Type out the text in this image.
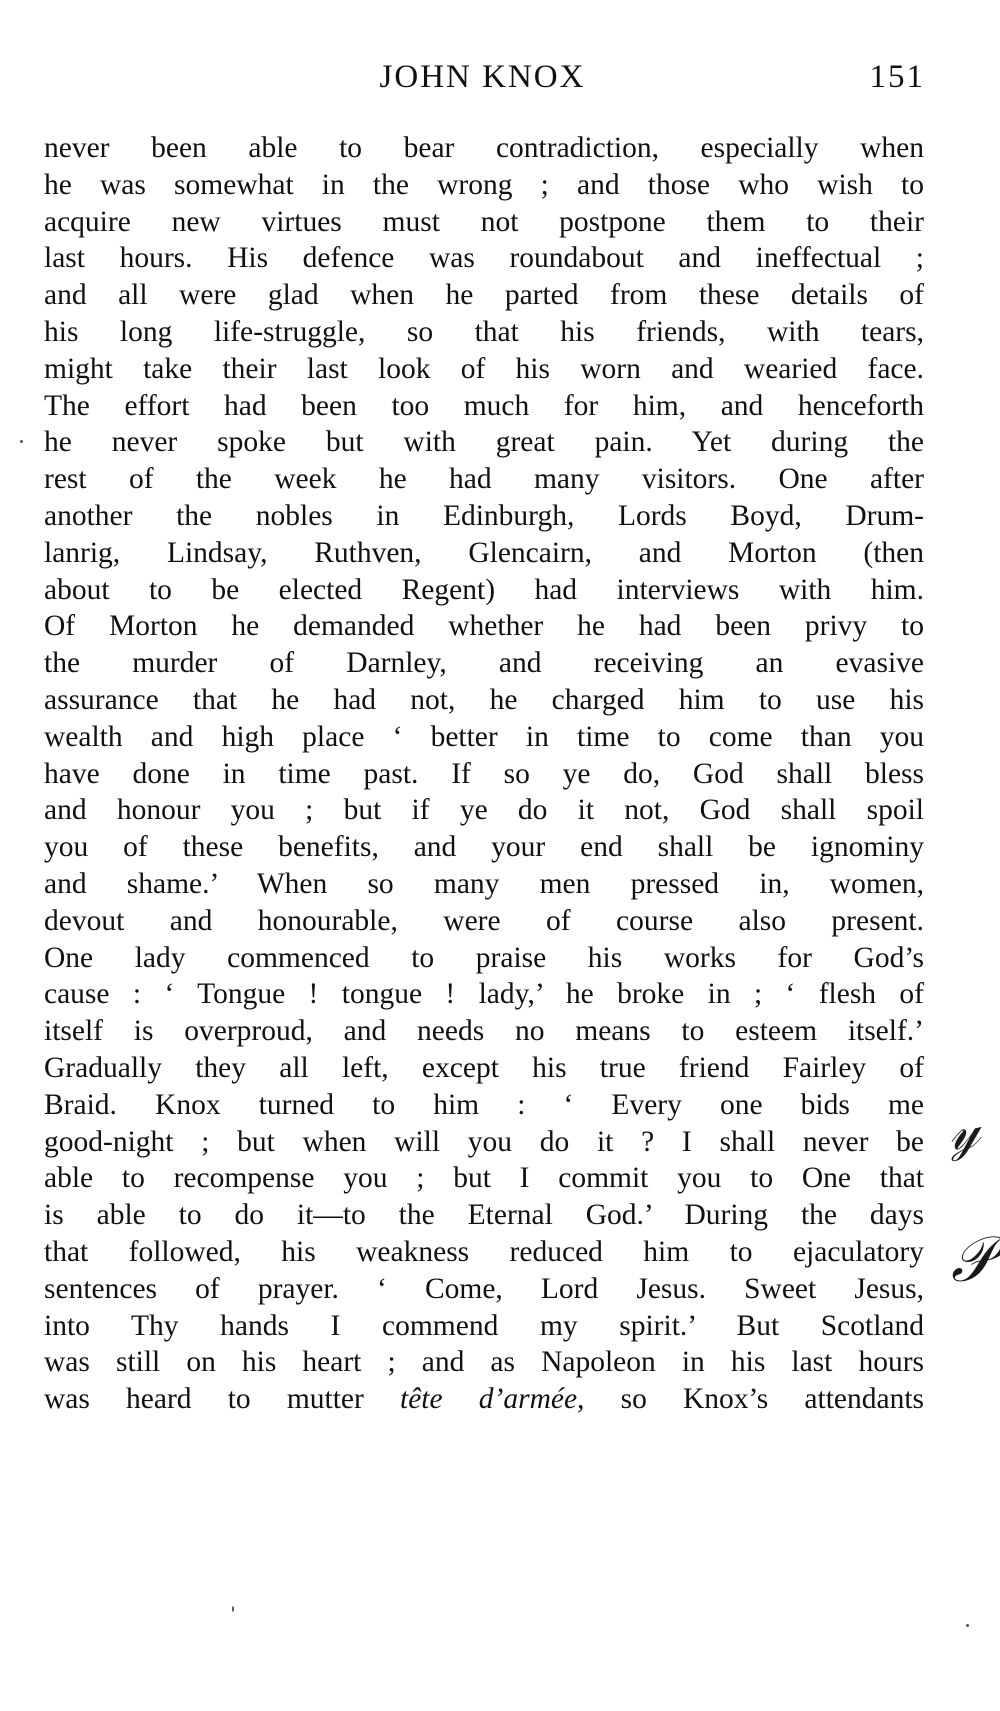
JOHN KNOX	151
never been able to bear contradiction, especially when
he was somewhat in the wrong ; and those who wish to
acquire new virtues must not postpone them to their
last hours. His defence was roundabout and ineffectual ;
and all were glad when he parted from these details of
his long life-struggle, so that his friends, with tears,
might take their last look of his worn and wearied face.
The effort had been too much for him, and henceforth
he never spoke but with great pain. Yet during the
rest of the week he had many visitors. One after
another the nobles in Edinburgh, Lords Boyd, Drum-
lanrig, Lindsay, Ruthven, Glencairn, and Morton (then
about to be elected Regent) had interviews with him.
Of Morton he demanded whether he had been privy to
the murder of Darnley, and receiving an evasive
assurance that he had not, he charged him to use his
wealth and high place ‘ better in time to come than you
have done in time past. If so ye do, God shall bless
and honour you ; but if ye do it not, God shall spoil
you of these benefits, and your end shall be ignominy
and shame.’ When so many men pressed in, women,
devout and honourable, were of course also present.
One lady commenced to praise his works for God’s
cause : ‘ Tongue ! tongue ! lady,’ he broke in ; ‘ flesh of
itself is overproud, and needs no means to esteem itself.’
Gradually they all left, except his true friend Fairley of
Braid. Knox turned to him : ‘ Every one bids me
good-night ; but when will you do it ? I shall never be
able to recompense you ; but I commit you to One that
is able to do it—to the Eternal God.’ During the days
that followed, his weakness reduced him to ejaculatory
sentences of prayer. ‘ Come, Lord Jesus. Sweet Jesus,
into Thy hands I commend my spirit.’ But Scotland
was still on his heart ; and as Napoleon in his last hours
was heard to mutter tête d’armée, so Knox’s attendants
𝓎
𝒫
